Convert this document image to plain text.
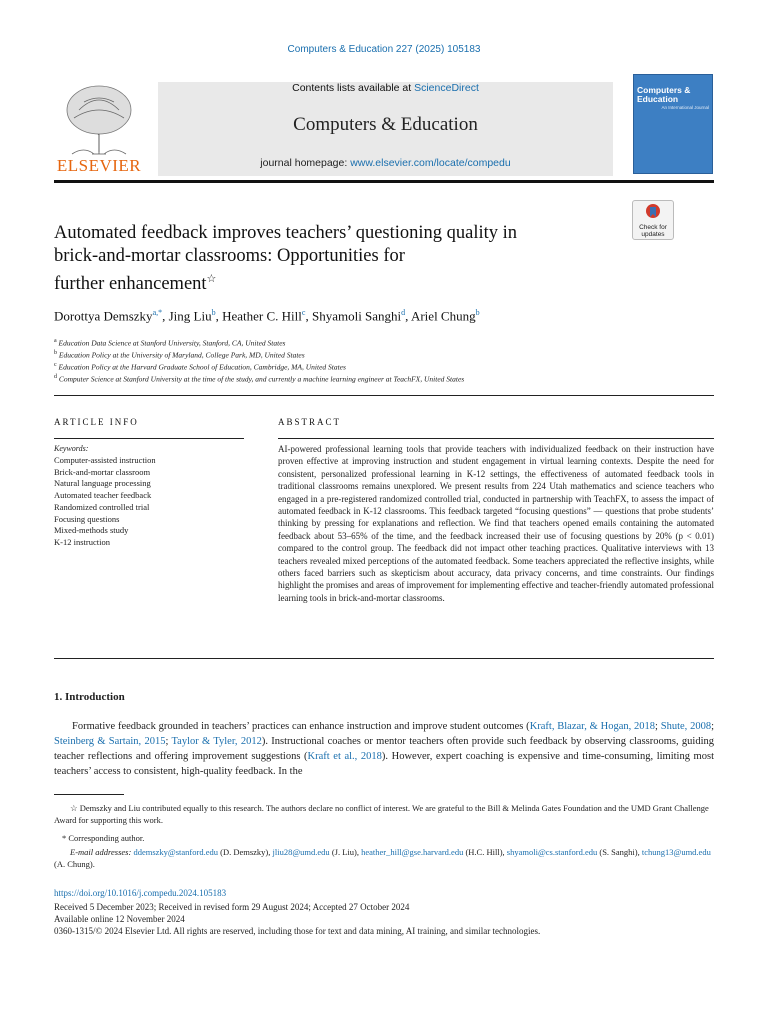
Computers & Education 227 (2025) 105183
Contents lists available at ScienceDirect
Computers & Education
journal homepage: www.elsevier.com/locate/compedu
ELSEVIER
Computers & Education
An International Journal
Check for updates
Automated feedback improves teachers’ questioning quality in
brick-and-mortar classrooms: Opportunities for
further enhancement☆
Dorottya Demszky$^{a,*}$, Jing Liu$^b$, Heather C. Hill$^c$, Shyamoli Sanghi$^d$, Ariel Chung$^b$
$^a$ Education Data Science at Stanford University, Stanford, CA, United States
$^b$ Education Policy at the University of Maryland, College Park, MD, United States
$^c$ Education Policy at the Harvard Graduate School of Education, Cambridge, MA, United States
$^d$ Computer Science at Stanford University at the time of the study, and currently a machine learning engineer at TeachFX, United States
ARTICLE INFO
Keywords:
Computer-assisted instruction
Brick-and-mortar classroom
Natural language processing
Automated teacher feedback
Randomized controlled trial
Focusing questions
Mixed-methods study
K-12 instruction
ABSTRACT
AI-powered professional learning tools that provide teachers with individualized feedback on their instruction have proven effective at improving instruction and student engagement in virtual learning contexts. Despite the need for consistent, personalized professional learning in K-12 settings, the effectiveness of automated feedback tools in traditional classrooms remains unexplored. We present results from 224 Utah mathematics and science teachers who engaged in a pre-registered randomized controlled trial, conducted in partnership with TeachFX, to assess the impact of automated feedback in K-12 classrooms. This feedback targeted “focusing questions” — questions that probe students’ thinking by pressing for explanations and reflection. We find that teachers opened emails containing the automated feedback about 53–65% of the time, and the feedback increased their use of focusing questions by 20% (p < 0.01) compared to the control group. The feedback did not impact other teaching practices. Qualitative interviews with 13 teachers revealed mixed perceptions of the automated feedback. Some teachers appreciated the reflective insights, while others faced barriers such as skepticism about accuracy, data privacy concerns, and time constraints. Our findings highlight the promises and areas of improvement for implementing effective and teacher-friendly automated professional learning tools in brick-and-mortar classrooms.
1. Introduction
Formative feedback grounded in teachers’ practices can enhance instruction and improve student outcomes (Kraft, Blazar, & Hogan, 2018; Shute, 2008; Steinberg & Sartain, 2015; Taylor & Tyler, 2012). Instructional coaches or mentor teachers often provide such feedback by observing classrooms, guiding teacher reflections and offering improvement suggestions (Kraft et al., 2018). However, expert coaching is expensive and time-consuming, limiting most teachers’ access to consistent, high-quality feedback. In the
☆ Demszky and Liu contributed equally to this research. The authors declare no conflict of interest. We are grateful to the Bill & Melinda Gates Foundation and the UMD Grant Challenge Award for supporting this work.
* Corresponding author.
E-mail addresses: ddemszky@stanford.edu (D. Demszky), jliu28@umd.edu (J. Liu), heather_hill@gse.harvard.edu (H.C. Hill), shyamoli@cs.stanford.edu (S. Sanghi), tchung13@umd.edu (A. Chung).
https://doi.org/10.1016/j.compedu.2024.105183
Received 5 December 2023; Received in revised form 29 August 2024; Accepted 27 October 2024
Available online 12 November 2024
0360-1315/© 2024 Elsevier Ltd. All rights are reserved, including those for text and data mining, AI training, and similar technologies.
